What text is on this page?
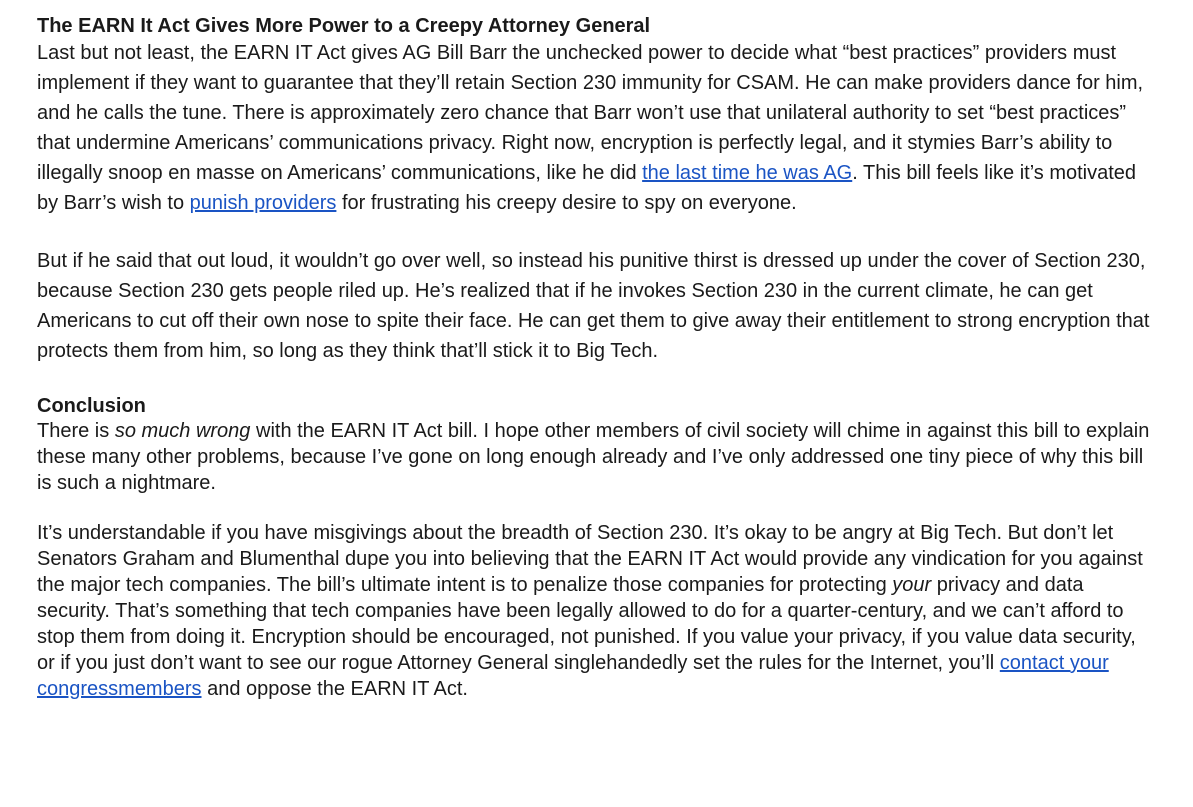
The EARN It Act Gives More Power to a Creepy Attorney General

Last but not least, the EARN IT Act gives AG Bill Barr the unchecked power to decide what “best practices” providers must implement if they want to guarantee that they’ll retain Section 230 immunity for CSAM. He can make providers dance for him, and he calls the tune. There is approximately zero chance that Barr won’t use that unilateral authority to set “best practices” that undermine Americans’ communications privacy. Right now, encryption is perfectly legal, and it stymies Barr’s ability to illegally snoop en masse on Americans’ communications, like he did the last time he was AG. This bill feels like it’s motivated by Barr’s wish to punish providers for frustrating his creepy desire to spy on everyone.

But if he said that out loud, it wouldn’t go over well, so instead his punitive thirst is dressed up under the cover of Section 230, because Section 230 gets people riled up. He’s realized that if he invokes Section 230 in the current climate, he can get Americans to cut off their own nose to spite their face. He can get them to give away their entitlement to strong encryption that protects them from him, so long as they think that’ll stick it to Big Tech.

Conclusion

There is so much wrong with the EARN IT Act bill. I hope other members of civil society will chime in against this bill to explain these many other problems, because I’ve gone on long enough already and I’ve only addressed one tiny piece of why this bill is such a nightmare.

It’s understandable if you have misgivings about the breadth of Section 230. It’s okay to be angry at Big Tech. But don’t let Senators Graham and Blumenthal dupe you into believing that the EARN IT Act would provide any vindication for you against the major tech companies. The bill’s ultimate intent is to penalize those companies for protecting your privacy and data security. That’s something that tech companies have been legally allowed to do for a quarter-century, and we can’t afford to stop them from doing it. Encryption should be encouraged, not punished. If you value your privacy, if you value data security, or if you just don’t want to see our rogue Attorney General singlehandedly set the rules for the Internet, you’ll contact your congressmembers and oppose the EARN IT Act.
